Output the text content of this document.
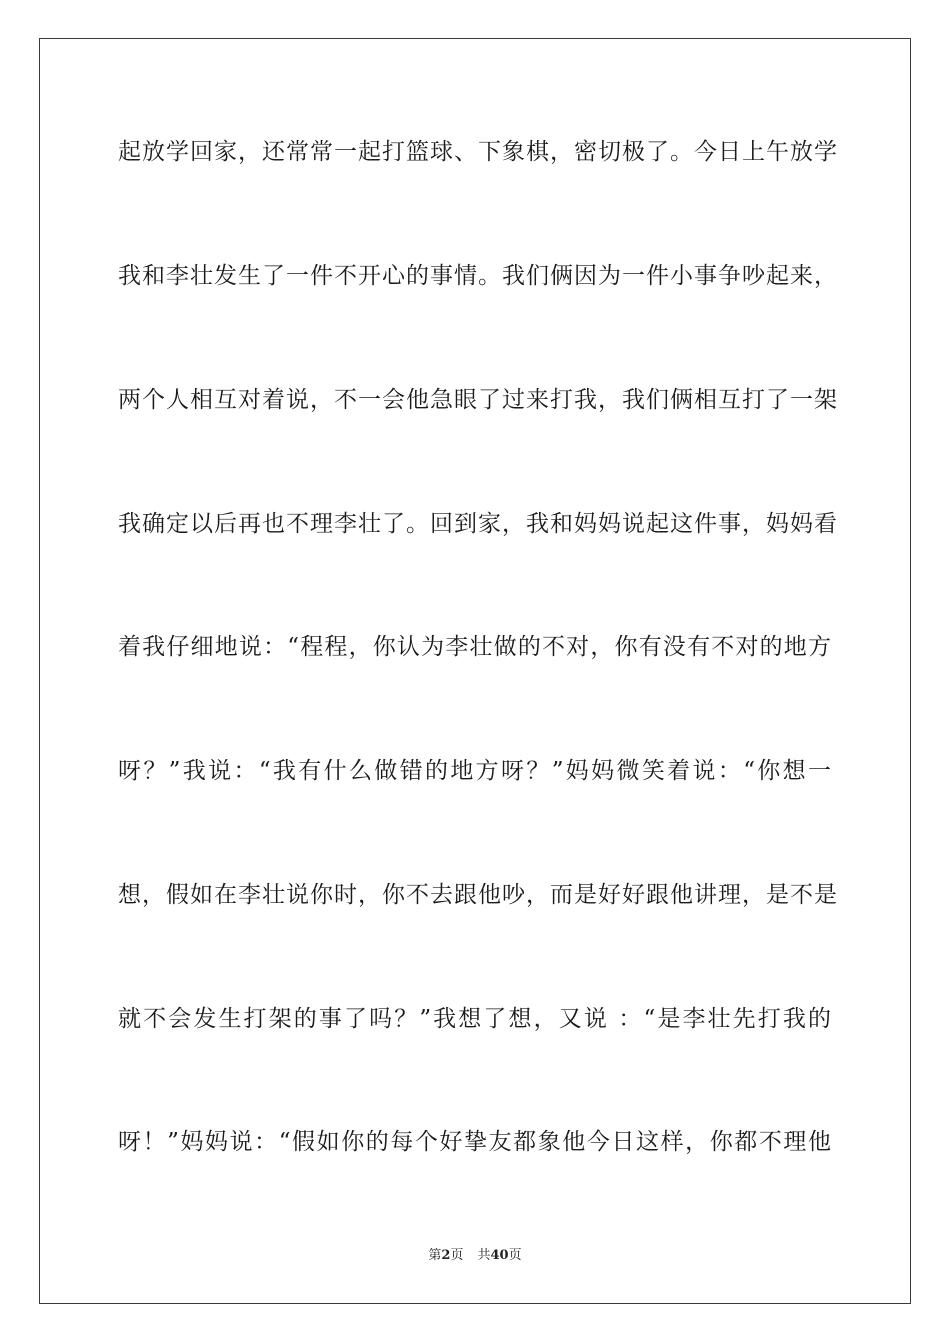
起放学回家，还常常一起打篮球、下象棋，密切极了。今日上午放学
我和李壮发生了一件不开心的事情。我们俩因为一件小事争吵起来，
两个人相互对着说，不一会他急眼了过来打我，我们俩相互打了一架
我确定以后再也不理李壮了。回到家，我和妈妈说起这件事，妈妈看
着我仔细地说：“程程，你认为李壮做的不对，你有没有不对的地方
呀？”我说：“我有什么做错的地方呀？”妈妈微笑着说：“你想一
想，假如在李壮说你时，你不去跟他吵，而是好好跟他讲理，是不是
就不会发生打架的事了吗？”我想了想，又说 ：“是李壮先打我的
呀！”妈妈说：“假如你的每个好挚友都象他今日这样，你都不理他
第2页 共40页
